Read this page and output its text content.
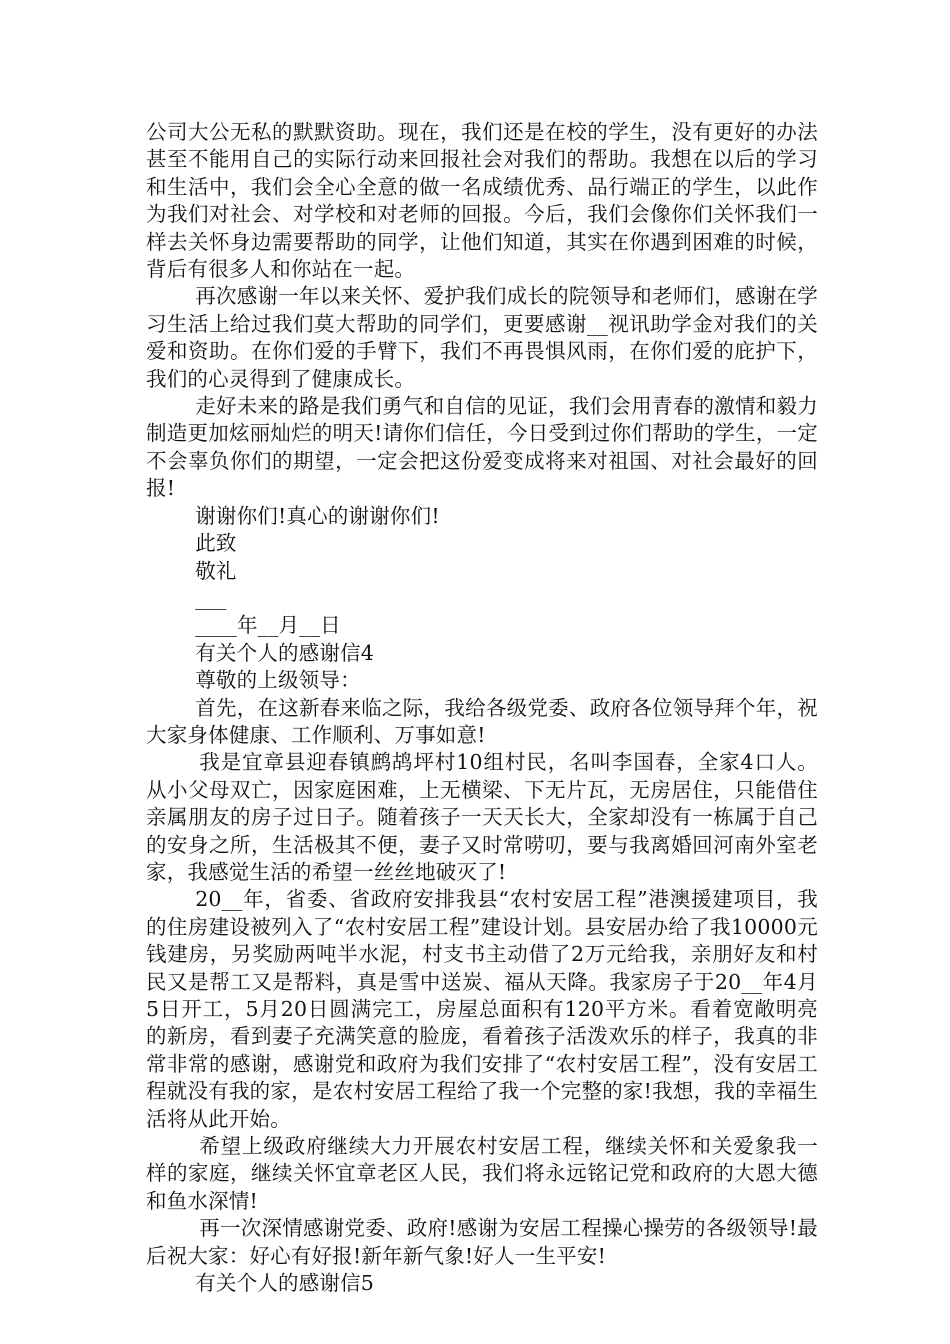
公司大公无私的默默资助。现在，我们还是在校的学生，没有更好的办法甚至不能用自己的实际行动来回报社会对我们的帮助。我想在以后的学习和生活中，我们会全心全意的做一名成绩优秀、品行端正的学生，以此作为我们对社会、对学校和对老师的回报。今后，我们会像你们关怀我们一样去关怀身边需要帮助的同学，让他们知道，其实在你遇到困难的时候，背后有很多人和你站在一起。

再次感谢一年以来关怀、爱护我们成长的院领导和老师们，感谢在学习生活上给过我们莫大帮助的同学们，更要感谢__视讯助学金对我们的关爱和资助。在你们爱的手臂下，我们不再畏惧风雨，在你们爱的庇护下，我们的心灵得到了健康成长。

走好未来的路是我们勇气和自信的见证，我们会用青春的激情和毅力制造更加炫丽灿烂的明天!请你们信任，今日受到过你们帮助的学生，一定不会辜负你们的期望，一定会把这份爱变成将来对祖国、对社会最好的回报!

谢谢你们!真心的谢谢你们!

此致

敬礼

___

____年__月__日

有关个人的感谢信4

尊敬的上级领导：

首先，在这新春来临之际，我给各级党委、政府各位领导拜个年，祝大家身体健康、工作顺利、万事如意!

我是宜章县迎春镇鹧鸪坪村10组村民，名叫李国春，全家4口人。从小父母双亡，因家庭困难，上无横梁、下无片瓦，无房居住，只能借住亲属朋友的房子过日子。随着孩子一天天长大，全家却没有一栋属于自己的安身之所，生活极其不便，妻子又时常唠叨，要与我离婚回河南外室老家，我感觉生活的希望一丝丝地破灭了!

20__年，省委、省政府安排我县“农村安居工程”港澳援建项目，我的住房建设被列入了“农村安居工程”建设计划。县安居办给了我10000元钱建房，另奖励两吨半水泥，村支书主动借了2万元给我，亲朋好友和村民又是帮工又是帮料，真是雪中送炭、福从天降。我家房子于20__年4月5日开工，5月20日圆满完工，房屋总面积有120平方米。看着宽敞明亮的新房，看到妻子充满笑意的脸庞，看着孩子活泼欢乐的样子，我真的非常非常的感谢，感谢党和政府为我们安排了“农村安居工程”，没有安居工程就没有我的家，是农村安居工程给了我一个完整的家!我想，我的幸福生活将从此开始。

希望上级政府继续大力开展农村安居工程，继续关怀和关爱象我一样的家庭，继续关怀宜章老区人民，我们将永远铭记党和政府的大恩大德和鱼水深情!

再一次深情感谢党委、政府!感谢为安居工程操心操劳的各级领导!最后祝大家：好心有好报!新年新气象!好人一生平安!

有关个人的感谢信5
